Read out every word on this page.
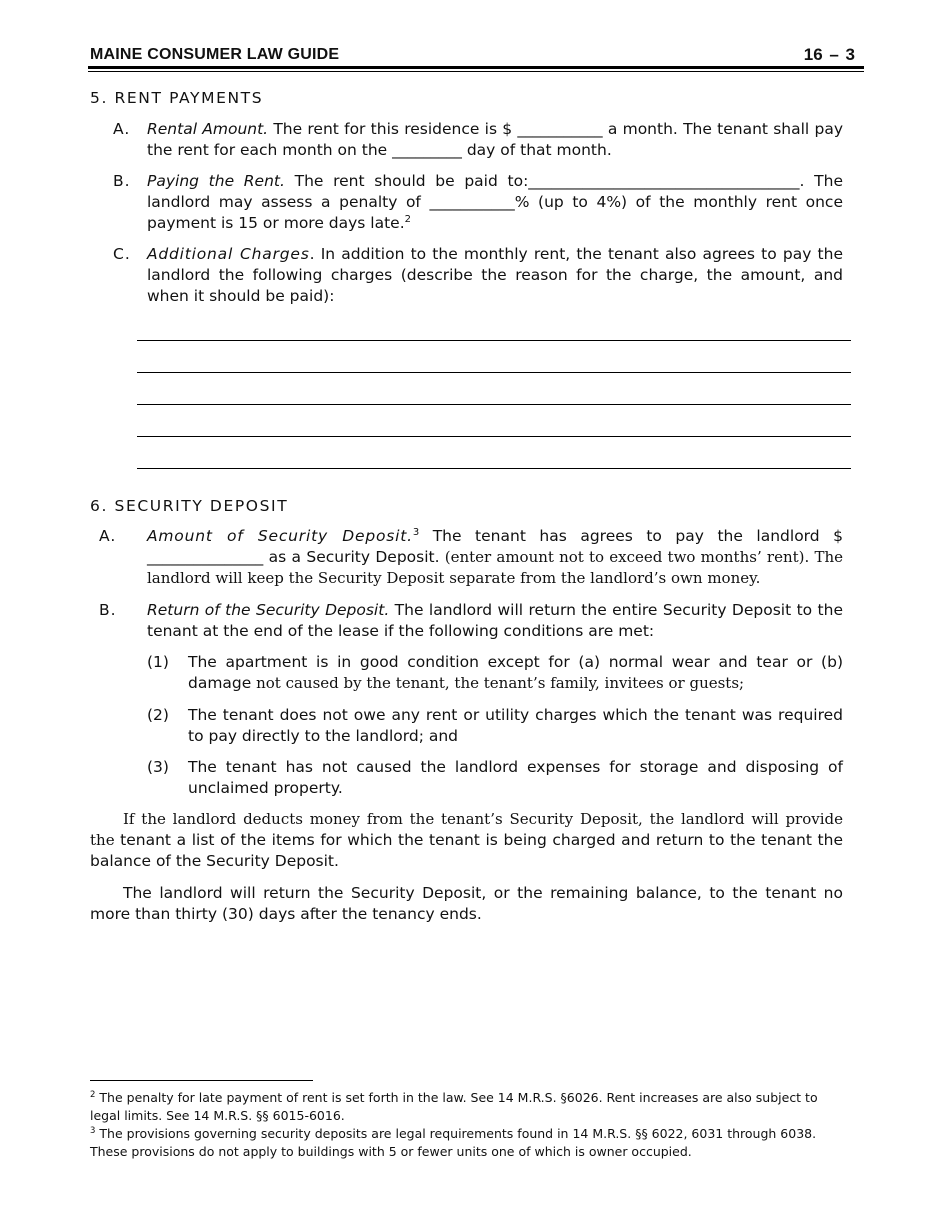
MAINE CONSUMER LAW GUIDE	16 – 3
5. RENT PAYMENTS
A. Rental Amount. The rent for this residence is $ ___________ a month. The tenant shall pay the rent for each month on the _________ day of that month.
B. Paying the Rent. The rent should be paid to:___________________________________. The landlord may assess a penalty of ___________% (up to 4%) of the monthly rent once payment is 15 or more days late.$^2$
C. Additional Charges. In addition to the monthly rent, the tenant also agrees to pay the landlord the following charges (describe the reason for the charge, the amount, and when it should be paid):
6. SECURITY DEPOSIT
A. Amount of Security Deposit.$^3$ The tenant has agrees to pay the landlord $ _______________ as a Security Deposit. (enter amount not to exceed two months’ rent). The landlord will keep the Security Deposit separate from the landlord’s own money.
B. Return of the Security Deposit. The landlord will return the entire Security Deposit to the tenant at the end of the lease if the following conditions are met:
(1) The apartment is in good condition except for (a) normal wear and tear or (b) damage not caused by the tenant, the tenant’s family, invitees or guests;
(2) The tenant does not owe any rent or utility charges which the tenant was required to pay directly to the landlord; and
(3) The tenant has not caused the landlord expenses for storage and disposing of unclaimed property.
If the landlord deducts money from the tenant’s Security Deposit, the landlord will provide the tenant a list of the items for which the tenant is being charged and return to the tenant the balance of the Security Deposit.
The landlord will return the Security Deposit, or the remaining balance, to the tenant no more than thirty (30) days after the tenancy ends.
$^2$ The penalty for late payment of rent is set forth in the law. See 14 M.R.S. §6026. Rent increases are also subject to legal limits. See 14 M.R.S. §§ 6015-6016.
$^3$ The provisions governing security deposits are legal requirements found in 14 M.R.S. §§ 6022, 6031 through 6038. These provisions do not apply to buildings with 5 or fewer units one of which is owner occupied.
